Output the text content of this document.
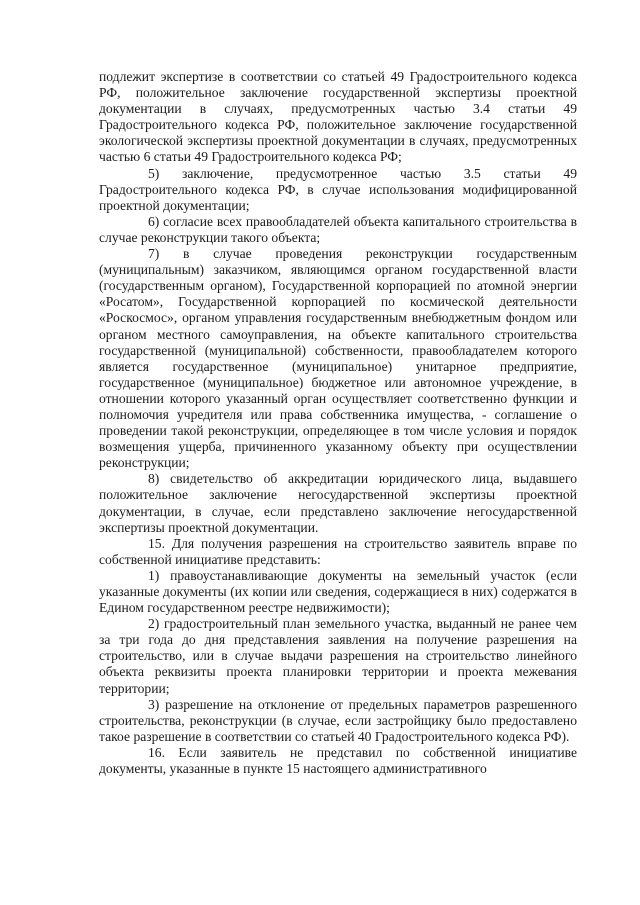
подлежит экспертизе в соответствии со статьей 49 Градостроительного кодекса РФ, положительное заключение государственной экспертизы проектной документации в случаях, предусмотренных частью 3.4 статьи 49 Градостроительного кодекса РФ, положительное заключение государственной экологической экспертизы проектной документации в случаях, предусмотренных частью 6 статьи 49 Градостроительного кодекса РФ;

5) заключение, предусмотренное частью 3.5 статьи 49 Градостроительного кодекса РФ, в случае использования модифицированной проектной документации;

6) согласие всех правообладателей объекта капитального строительства в случае реконструкции такого объекта;

7) в случае проведения реконструкции государственным (муниципальным) заказчиком, являющимся органом государственной власти (государственным органом), Государственной корпорацией по атомной энергии «Росатом», Государственной корпорацией по космической деятельности «Роскосмос», органом управления государственным внебюджетным фондом или органом местного самоуправления, на объекте капитального строительства государственной (муниципальной) собственности, правообладателем которого является государственное (муниципальное) унитарное предприятие, государственное (муниципальное) бюджетное или автономное учреждение, в отношении которого указанный орган осуществляет соответственно функции и полномочия учредителя или права собственника имущества, - соглашение о проведении такой реконструкции, определяющее в том числе условия и порядок возмещения ущерба, причиненного указанному объекту при осуществлении реконструкции;

8) свидетельство об аккредитации юридического лица, выдавшего положительное заключение негосударственной экспертизы проектной документации, в случае, если представлено заключение негосударственной экспертизы проектной документации.

15. Для получения разрешения на строительство заявитель вправе по собственной инициативе представить:

1) правоустанавливающие документы на земельный участок (если указанные документы (их копии или сведения, содержащиеся в них) содержатся в Едином государственном реестре недвижимости);

2) градостроительный план земельного участка, выданный не ранее чем за три года до дня представления заявления на получение разрешения на строительство, или в случае выдачи разрешения на строительство линейного объекта реквизиты проекта планировки территории и проекта межевания территории;

3) разрешение на отклонение от предельных параметров разрешенного строительства, реконструкции (в случае, если застройщику было предоставлено такое разрешение в соответствии со статьей 40 Градостроительного кодекса РФ).

16. Если заявитель не представил по собственной инициативе документы, указанные в пункте 15 настоящего административного
